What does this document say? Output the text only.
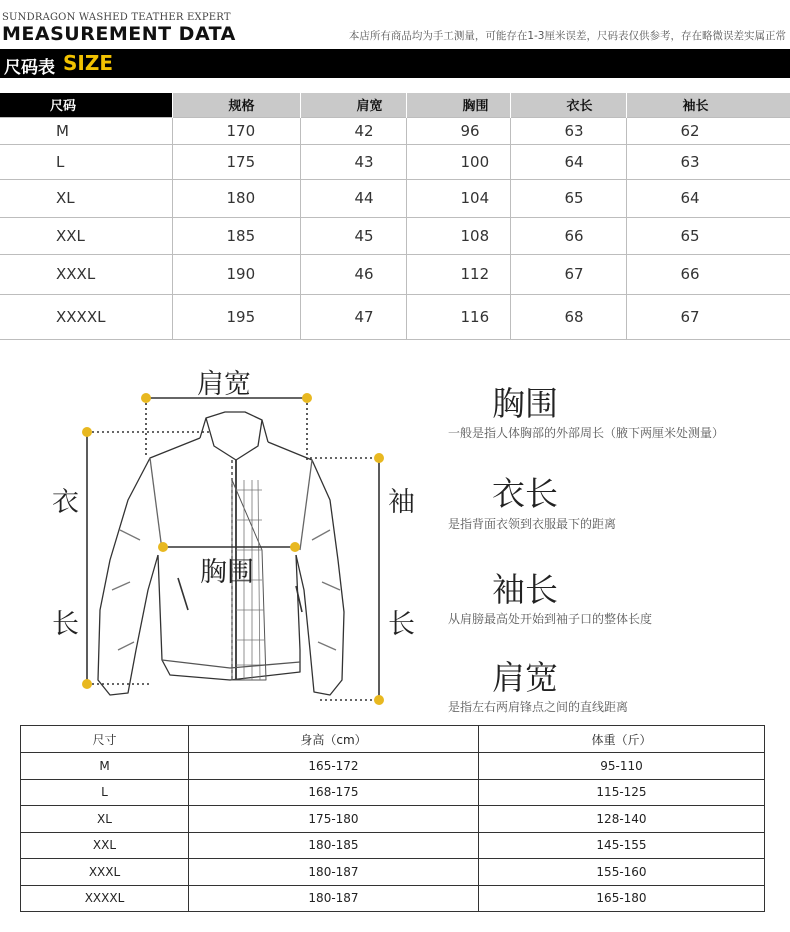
SUNDRAGON WASHED TEATHER EXPERT
MEASUREMENT DATA	本店所有商品均为手工测量，可能存在1-3厘米误差，尺码表仅供参考，存在略微误差实属正常
尺码表 SIZE
尺码	规格	肩宽	胸围	衣长	袖长
M	170	42	96	63	62
L	175	43	100	64	63
XL	180	44	104	65	64
XXL	185	45	108	66	65
XXXL	190	46	112	67	66
XXXXL	195	47	116	68	67
肩宽
胸围
衣
长
袖
长
胸围
一般是指人体胸部的外部周长（腋下两厘米处测量）
衣长
是指背面衣领到衣服最下的距离
袖长
从肩膀最高处开始到袖子口的整体长度
肩宽
是指左右两肩锋点之间的直线距离
尺寸	身高（cm）	体重（斤）
M	165-172	95-110
L	168-175	115-125
XL	175-180	128-140
XXL	180-185	145-155
XXXL	180-187	155-160
XXXXL	180-187	165-180
